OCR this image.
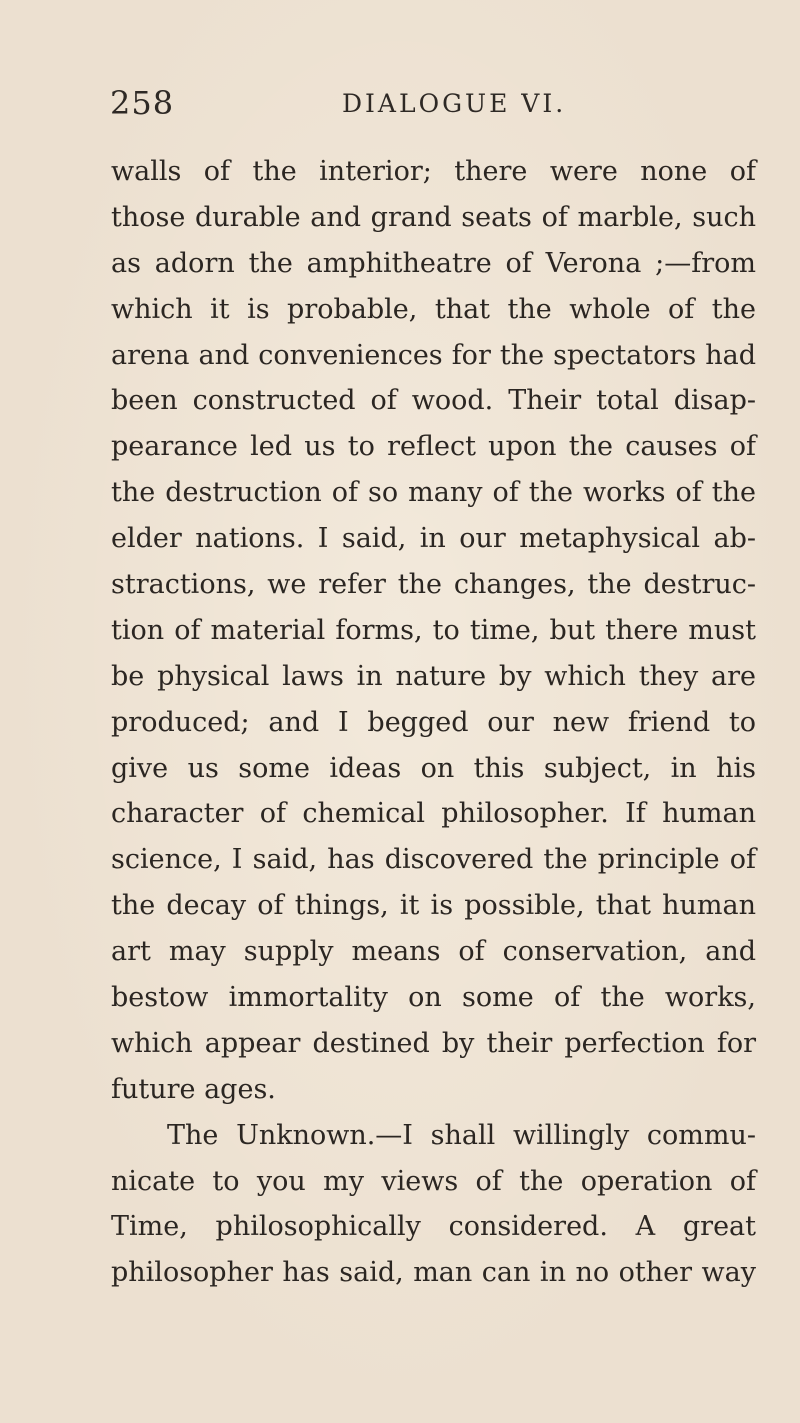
258	DIALOGUE VI.
walls of the interior; there were none of
those durable and grand seats of marble, such
as adorn the amphitheatre of Verona ;—from
which it is probable, that the whole of the
arena and conveniences for the spectators had
been constructed of wood. Their total disap-
pearance led us to reflect upon the causes of
the destruction of so many of the works of the
elder nations. I said, in our metaphysical ab-
stractions, we refer the changes, the destruc-
tion of material forms, to time, but there must
be physical laws in nature by which they are
produced; and I begged our new friend to
give us some ideas on this subject, in his
character of chemical philosopher. If human
science, I said, has discovered the principle of
the decay of things, it is possible, that human
art may supply means of conservation, and
bestow immortality on some of the works,
which appear destined by their perfection for
future ages.
The Unknown.—I shall willingly commu-
nicate to you my views of the operation of
Time, philosophically considered. A great
philosopher has said, man can in no other way
